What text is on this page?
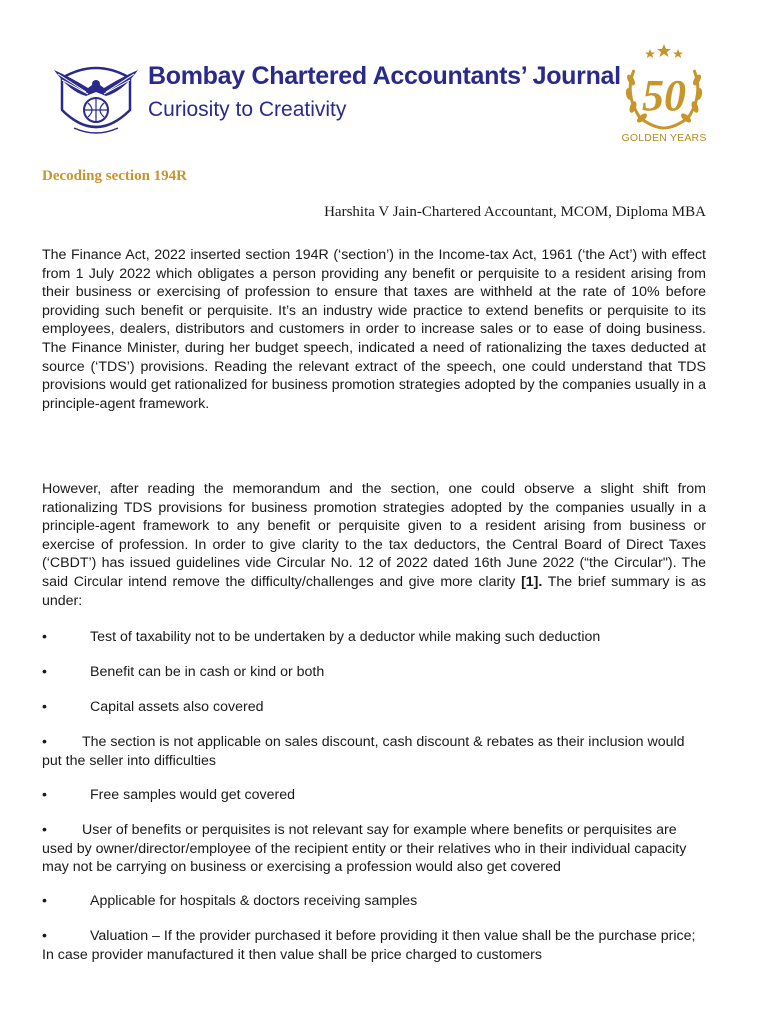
Bombay Chartered Accountants’ Journal
Curiosity to Creativity	50
GOLDEN YEARS
Decoding section 194R
Harshita V Jain-Chartered Accountant, MCOM, Diploma MBA

The Finance Act, 2022 inserted section 194R (‘section’) in the Income-tax Act, 1961 (‘the Act’) with effect from 1 July 2022 which obligates a person providing any benefit or perquisite to a resident arising from their business or exercising of profession to ensure that taxes are withheld at the rate of 10% before providing such benefit or perquisite. It’s an industry wide practice to extend benefits or perquisite to its employees, dealers, distributors and customers in order to increase sales or to ease of doing business. The Finance Minister, during her budget speech, indicated a need of rationalizing the taxes deducted at source (‘TDS’) provisions. Reading the relevant extract of the speech, one could understand that TDS provisions would get rationalized for business promotion strategies adopted by the companies usually in a principle-agent framework.

However, after reading the memorandum and the section, one could observe a slight shift from rationalizing TDS provisions for business promotion strategies adopted by the companies usually in a principle-agent framework to any benefit or perquisite given to a resident arising from business or exercise of profession. In order to give clarity to the tax deductors, the Central Board of Direct Taxes (‘CBDT’) has issued guidelines vide Circular No. 12 of 2022 dated 16th June 2022 (“the Circular"). The said Circular intend remove the difficulty/challenges and give more clarity [1]. The brief summary is as under:

•	Test of taxability not to be undertaken by a deductor while making such deduction
•	Benefit can be in cash or kind or both
•	Capital assets also covered
•	The section is not applicable on sales discount, cash discount & rebates as their inclusion would put the seller into difficulties
•	Free samples would get covered
•	User of benefits or perquisites is not relevant say for example where benefits or perquisites are used by owner/director/employee of the recipient entity or their relatives who in their individual capacity may not be carrying on business or exercising a profession would also get covered
•	Applicable for hospitals & doctors receiving samples
•	Valuation – If the provider purchased it before providing it then value shall be the purchase price; In case provider manufactured it then value shall be price charged to customers
